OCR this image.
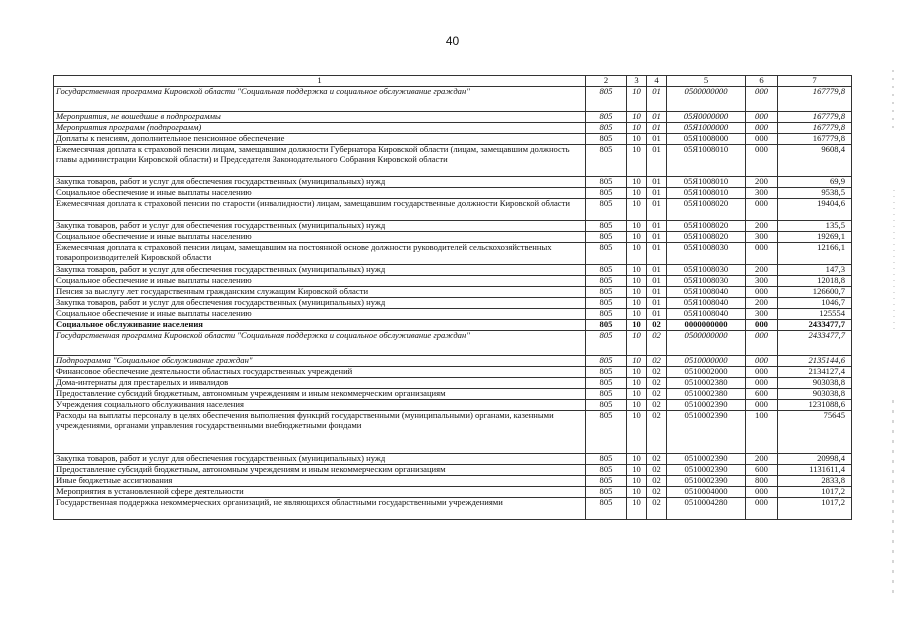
40
1	2	3	4	5	6	7
Государственная программа Кировской области "Социальная поддержка и социальное обслуживание граждан"	805	10	01	0500000000	000	167779,8
Мероприятия, не вошедшие в подпрограммы	805	10	01	05Я0000000	000	167779,8
Мероприятия программ (подпрограмм)	805	10	01	05Я1000000	000	167779,8
Доплаты к пенсиям, дополнительное пенсионное обеспечение	805	10	01	05Я1008000	000	167779,8
Ежемесячная доплата к страховой пенсии лицам, замещавшим должности Губернатора Кировской области (лицам, замещавшим должность главы администрации Кировской области) и Председателя Законодательного Собрания Кировской области	805	10	01	05Я1008010	000	9608,4
Закупка товаров, работ и услуг для обеспечения государственных (муниципальных) нужд	805	10	01	05Я1008010	200	69,9
Социальное обеспечение и иные выплаты населению	805	10	01	05Я1008010	300	9538,5
Ежемесячная доплата к страховой пенсии по старости (инвалидности) лицам, замещавшим государственные должности Кировской области	805	10	01	05Я1008020	000	19404,6
Закупка товаров, работ и услуг для обеспечения государственных (муниципальных) нужд	805	10	01	05Я1008020	200	135,5
Социальное обеспечение и иные выплаты населению	805	10	01	05Я1008020	300	19269,1
Ежемесячная доплата к страховой пенсии лицам, замещавшим на постоянной основе должности руководителей сельскохозяйственных товаропроизводителей Кировской области	805	10	01	05Я1008030	000	12166,1
Закупка товаров, работ и услуг для обеспечения государственных (муниципальных) нужд	805	10	01	05Я1008030	200	147,3
Социальное обеспечение и иные выплаты населению	805	10	01	05Я1008030	300	12018,8
Пенсия за выслугу лет государственным гражданским служащим Кировской области	805	10	01	05Я1008040	000	126600,7
Закупка товаров, работ и услуг для обеспечения государственных (муниципальных) нужд	805	10	01	05Я1008040	200	1046,7
Социальное обеспечение и иные выплаты населению	805	10	01	05Я1008040	300	125554
Социальное обслуживание населения	805	10	02	0000000000	000	2433477,7
Государственная программа Кировской области "Социальная поддержка и социальное обслуживание граждан"	805	10	02	0500000000	000	2433477,7
Подпрограмма "Социальное обслуживание граждан"	805	10	02	0510000000	000	2135144,6
Финансовое обеспечение деятельности областных государственных учреждений	805	10	02	0510002000	000	2134127,4
Дома-интернаты для престарелых и инвалидов	805	10	02	0510002380	000	903038,8
Предоставление субсидий бюджетным, автономным учреждениям и иным некоммерческим организациям	805	10	02	0510002380	600	903038,8
Учреждения социального обслуживания населения	805	10	02	0510002390	000	1231088,6
Расходы на выплаты персоналу в целях обеспечения выполнения функций государственными (муниципальными) органами, казенными учреждениями, органами управления государственными внебюджетными фондами	805	10	02	0510002390	100	75645
Закупка товаров, работ и услуг для обеспечения государственных (муниципальных) нужд	805	10	02	0510002390	200	20998,4
Предоставление субсидий бюджетным, автономным учреждениям и иным некоммерческим организациям	805	10	02	0510002390	600	1131611,4
Иные бюджетные ассигнования	805	10	02	0510002390	800	2833,8
Мероприятия в установленной сфере деятельности	805	10	02	0510004000	000	1017,2
Государственная поддержка некоммерческих организаций, не являющихся областными государственными учреждениями	805	10	02	0510004280	000	1017,2
